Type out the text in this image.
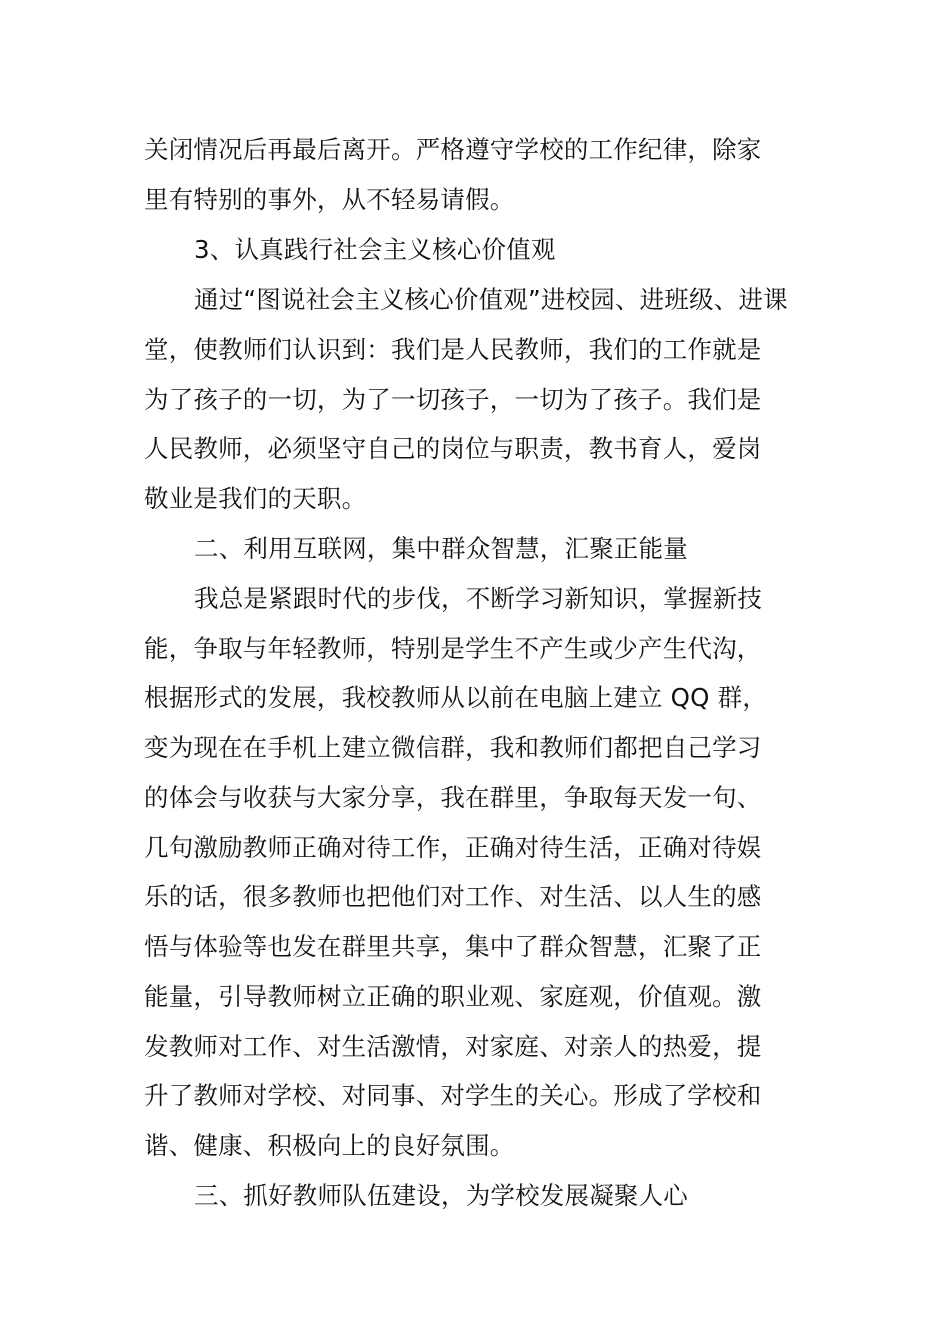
关闭情况后再最后离开。严格遵守学校的工作纪律，除家
里有特别的事外，从不轻易请假。
3、认真践行社会主义核心价值观
通过“图说社会主义核心价值观”进校园、进班级、进课
堂，使教师们认识到：我们是人民教师，我们的工作就是
为了孩子的一切，为了一切孩子，一切为了孩子。我们是
人民教师，必须坚守自己的岗位与职责，教书育人，爱岗
敬业是我们的天职。
二、利用互联网，集中群众智慧，汇聚正能量
我总是紧跟时代的步伐，不断学习新知识，掌握新技
能，争取与年轻教师，特别是学生不产生或少产生代沟，
根据形式的发展，我校教师从以前在电脑上建立 QQ 群，
变为现在在手机上建立微信群，我和教师们都把自己学习
的体会与收获与大家分享，我在群里，争取每天发一句、
几句激励教师正确对待工作，正确对待生活，正确对待娱
乐的话，很多教师也把他们对工作、对生活、以人生的感
悟与体验等也发在群里共享，集中了群众智慧，汇聚了正
能量，引导教师树立正确的职业观、家庭观，价值观。激
发教师对工作、对生活激情，对家庭、对亲人的热爱，提
升了教师对学校、对同事、对学生的关心。形成了学校和
谐、健康、积极向上的良好氛围。
三、抓好教师队伍建设，为学校发展凝聚人心
